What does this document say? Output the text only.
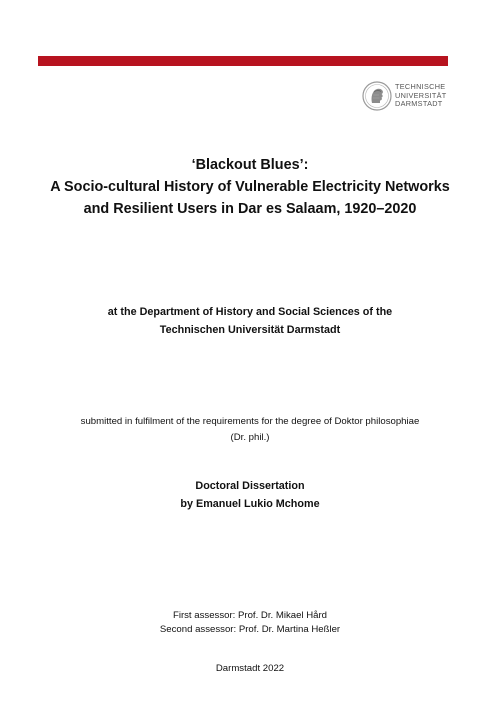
TECHNISCHE
UNIVERSITÄT
DARMSTADT
‘Blackout Blues’:
A Socio-cultural History of Vulnerable Electricity Networks
and Resilient Users in Dar es Salaam, 1920–2020
at the Department of History and Social Sciences of the
Technischen Universität Darmstadt
submitted in fulfilment of the requirements for the degree of Doktor philosophiae
(Dr. phil.)
Doctoral Dissertation
by Emanuel Lukio Mchome
First assessor: Prof. Dr. Mikael Hård
Second assessor: Prof. Dr. Martina Heßler
Darmstadt 2022
